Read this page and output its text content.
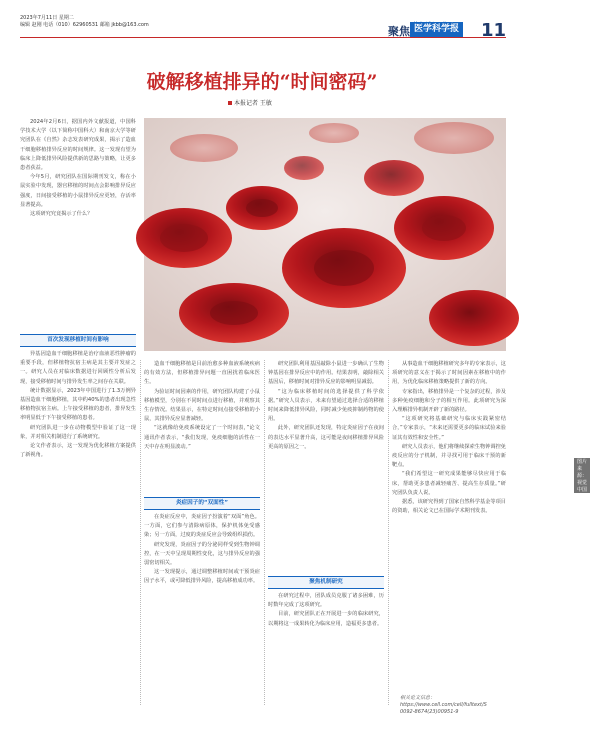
2023年7月11日 星期二
编辑 赵刚 电话（010）62960531 邮箱 jkbb@163.com	聚焦
Medical Science News
医学科学报 11
破解移植排异的“时间密码”
本报记者 王敏
图片来源：视觉中国

2024年2月6日，据国内外文献报道，中国科学技术大学（以下简称中国科大）和南京大学等研究团队在《自然》杂志发表研究成果，揭示了造血干细胞移植排异反应的时间规律。这一发现有望为临床上降低排异风险提供新的思路与策略，让更多患者获益。

今年5月，研究团队在国际期刊发文，称在小鼠实验中发现，器官移植的时间点会影响排异反应强度，日间接受移植的小鼠排异反应更轻，存活率显著提高。

这项研究究竟揭示了什么？

首次发现移植时间有影响

异基因造血干细胞移植是治疗血液恶性肿瘤的重要手段，但移植物抗宿主病是其主要并发症之一。研究人员在对临床数据进行回顾性分析后发现，接受移植时间与排异发生率之间存在关联。

统计数据显示，2023年中国进行了1.3万例异基因造血干细胞移植，其中约40%的患者出现急性移植物抗宿主病。上午接受移植的患者，排异发生率明显低于下午接受移植的患者。

研究团队进一步在动物模型中验证了这一现象，并对相关机制进行了系统研究。

论文作者表示，这一发现为优化移植方案提供了新视角。

造血干细胞移植是目前治愈多种血液系统疾病的有效方法，但移植排异问题一直困扰着临床医生。

为验证时间因素的作用，研究团队构建了小鼠移植模型，分别在不同时间点进行移植，并观察其生存情况。结果显示，在特定时间点接受移植的小鼠，其排异反应显著减轻。

“这就像给免疫系统设定了一个时间表，”论文通讯作者表示，“我们发现，免疫细胞的活性在一天中存在明显波动。”

炎症因子的“双面性”

在炎症反应中，炎症因子扮演着“双面”角色。一方面，它们参与清除病原体，保护机体免受感染；另一方面，过度的炎症反应会导致组织损伤。

研究发现，炎症因子的分泌同样受到生物钟调控，在一天中呈现周期性变化，这与排异反应的强弱密切相关。

这一发现提示，通过调整移植时间或干预炎症因子水平，或可降低排异风险，提高移植成功率。

研究团队利用基因敲除小鼠进一步确认了生物钟基因在排异反应中的作用。结果表明，敲除相关基因后，移植时间对排异反应的影响明显减弱。

“这为临床移植时间的选择提供了科学依据。”研究人员表示，未来有望通过选择合适的移植时间来降低排异风险，同时减少免疫抑制药物的使用。

此外，研究团队还发现，特定炎症因子在夜间的表达水平显著升高，这可能是夜间移植排异风险更高的原因之一。

聚焦机制研究

在研究过程中，团队成员克服了诸多困难，历时数年完成了这项研究。

目前，研究团队正在开展进一步的临床研究，以期将这一成果转化为临床应用，造福更多患者。

从事造血干细胞移植研究多年的专家表示，这项研究的意义在于揭示了时间因素在移植中的作用，为优化临床移植策略提供了新的方向。

专家指出，移植排异是一个复杂的过程，涉及多种免疫细胞和分子的相互作用。此项研究为深入理解排异机制开辟了新的路径。

“这项研究将基础研究与临床实践紧密结合，”专家表示，“未来还需要更多的临床试验来验证其有效性和安全性。”

研究人员表示，他们将继续探索生物钟调控免疫反应的分子机制，并寻找可用于临床干预的新靶点。

“我们希望这一研究成果能够尽快应用于临床，帮助更多患者减轻痛苦、提高生存质量。”研究团队负责人说。

据悉，该研究得到了国家自然科学基金等项目的资助，相关论文已在国际学术期刊发表。

相关论文信息：
https://www.cell.com/cell/fulltext/S
0092-8674(23)00951-9
